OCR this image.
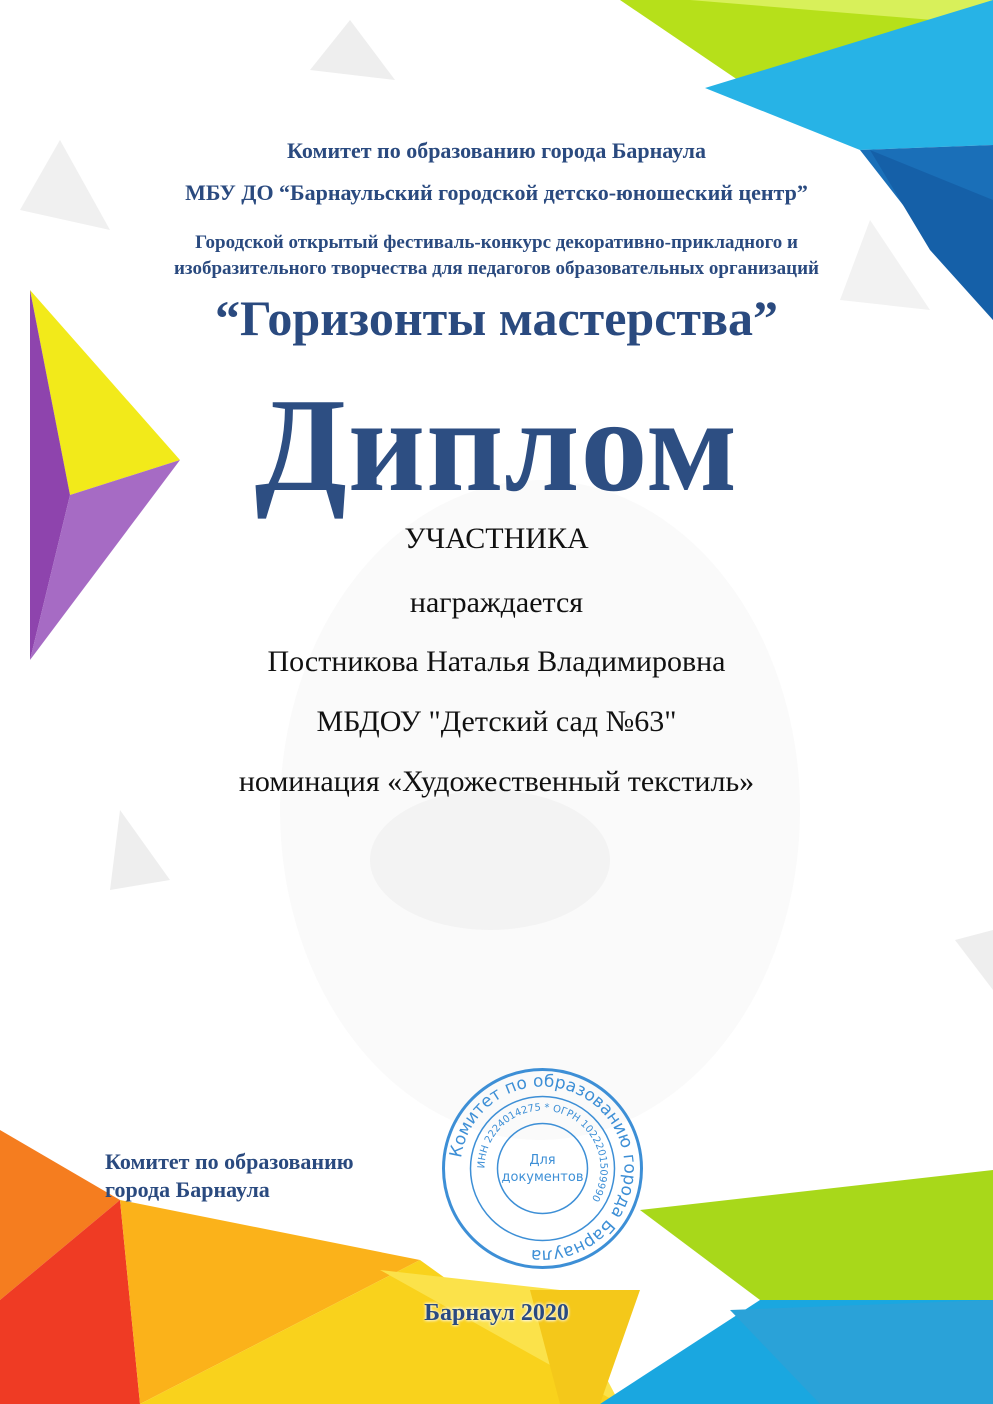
Комитет по образованию города Барнаула
МБУ ДО “Барнаульский городской детско-юношеский центр”
Городской открытый фестиваль-конкурс декоративно-прикладного и изобразительного творчества для педагогов образовательных организаций
“Горизонты мастерства”
Диплом
УЧАСТНИКА
награждается
Постникова Наталья Владимировна
МБДОУ "Детский сад №63"
номинация «Художественный текстиль»
Комитет по образованию
города Барнаула
Комитет по образованию города Барнаула
ИНН 2224014275 * ОГРН 1022201509990
Для
документов
Барнаул 2020
